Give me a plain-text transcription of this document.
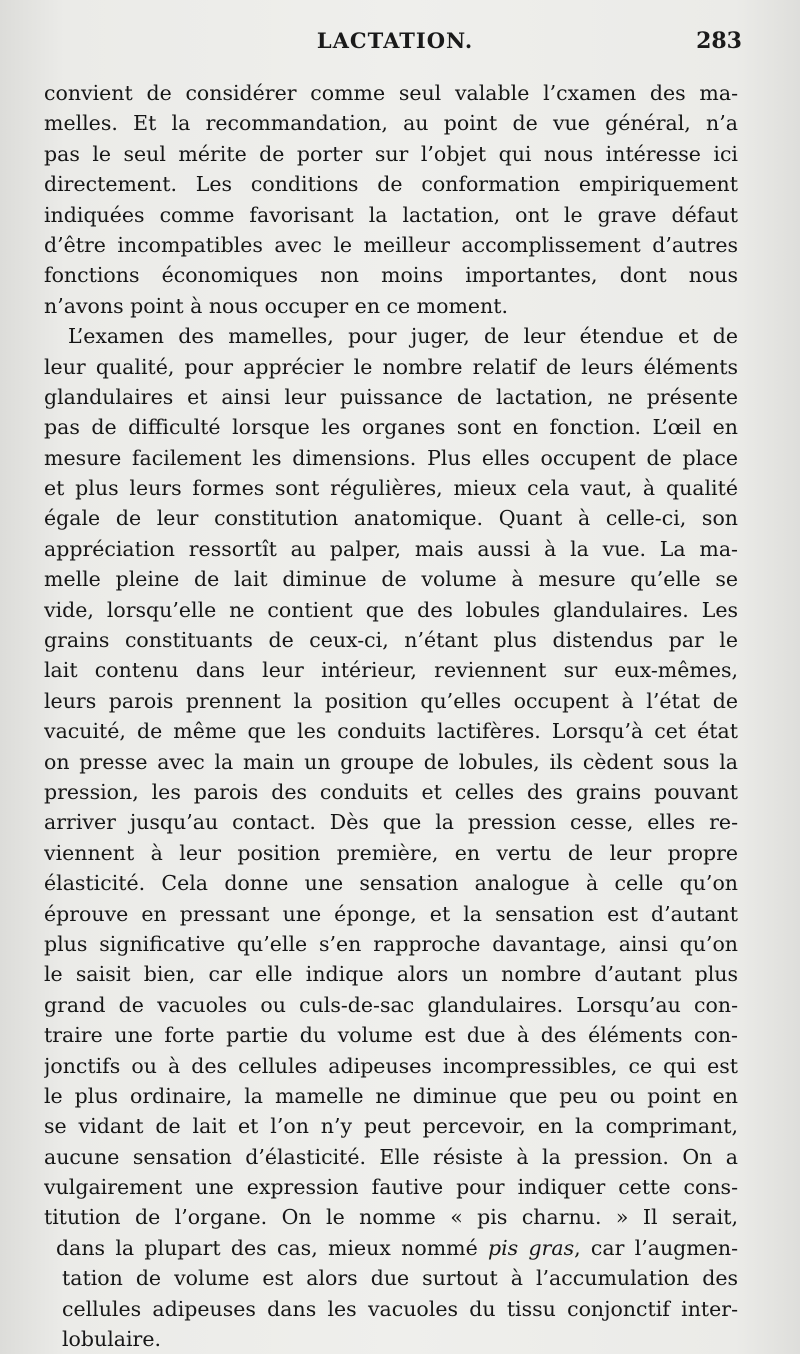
LACTATION.	283
convient de considérer comme seul valable l’cxamen des ma-
melles. Et la recommandation, au point de vue général, n’a
pas le seul mérite de porter sur l’objet qui nous intéresse ici
directement. Les conditions de conformation empiriquement
indiquées comme favorisant la lactation, ont le grave défaut
d’être incompatibles avec le meilleur accomplissement d’autres
fonctions économiques non moins importantes, dont nous
n’avons point à nous occuper en ce moment.
L’examen des mamelles, pour juger, de leur étendue et de
leur qualité, pour apprécier le nombre relatif de leurs éléments
glandulaires et ainsi leur puissance de lactation, ne présente
pas de difficulté lorsque les organes sont en fonction. L’œil en
mesure facilement les dimensions. Plus elles occupent de place
et plus leurs formes sont régulières, mieux cela vaut, à qualité
égale de leur constitution anatomique. Quant à celle-ci, son
appréciation ressortît au palper, mais aussi à la vue. La ma-
melle pleine de lait diminue de volume à mesure qu’elle se
vide, lorsqu’elle ne contient que des lobules glandulaires. Les
grains constituants de ceux-ci, n’étant plus distendus par le
lait contenu dans leur intérieur, reviennent sur eux-mêmes,
leurs parois prennent la position qu’elles occupent à l’état de
vacuité, de même que les conduits lactifères. Lorsqu’à cet état
on presse avec la main un groupe de lobules, ils cèdent sous la
pression, les parois des conduits et celles des grains pouvant
arriver jusqu’au contact. Dès que la pression cesse, elles re-
viennent à leur position première, en vertu de leur propre
élasticité. Cela donne une sensation analogue à celle qu’on
éprouve en pressant une éponge, et la sensation est d’autant
plus significative qu’elle s’en rapproche davantage, ainsi qu’on
le saisit bien, car elle indique alors un nombre d’autant plus
grand de vacuoles ou culs-de-sac glandulaires. Lorsqu’au con-
traire une forte partie du volume est due à des éléments con-
jonctifs ou à des cellules adipeuses incompressibles, ce qui est
le plus ordinaire, la mamelle ne diminue que peu ou point en
se vidant de lait et l’on n’y peut percevoir, en la comprimant,
aucune sensation d’élasticité. Elle résiste à la pression. On a
vulgairement une expression fautive pour indiquer cette cons-
titution de l’organe. On le nomme « pis charnu. » Il serait,
dans la plupart des cas, mieux nommé pis gras, car l’augmen-
tation de volume est alors due surtout à l’accumulation des
cellules adipeuses dans les vacuoles du tissu conjonctif inter-
lobulaire.
